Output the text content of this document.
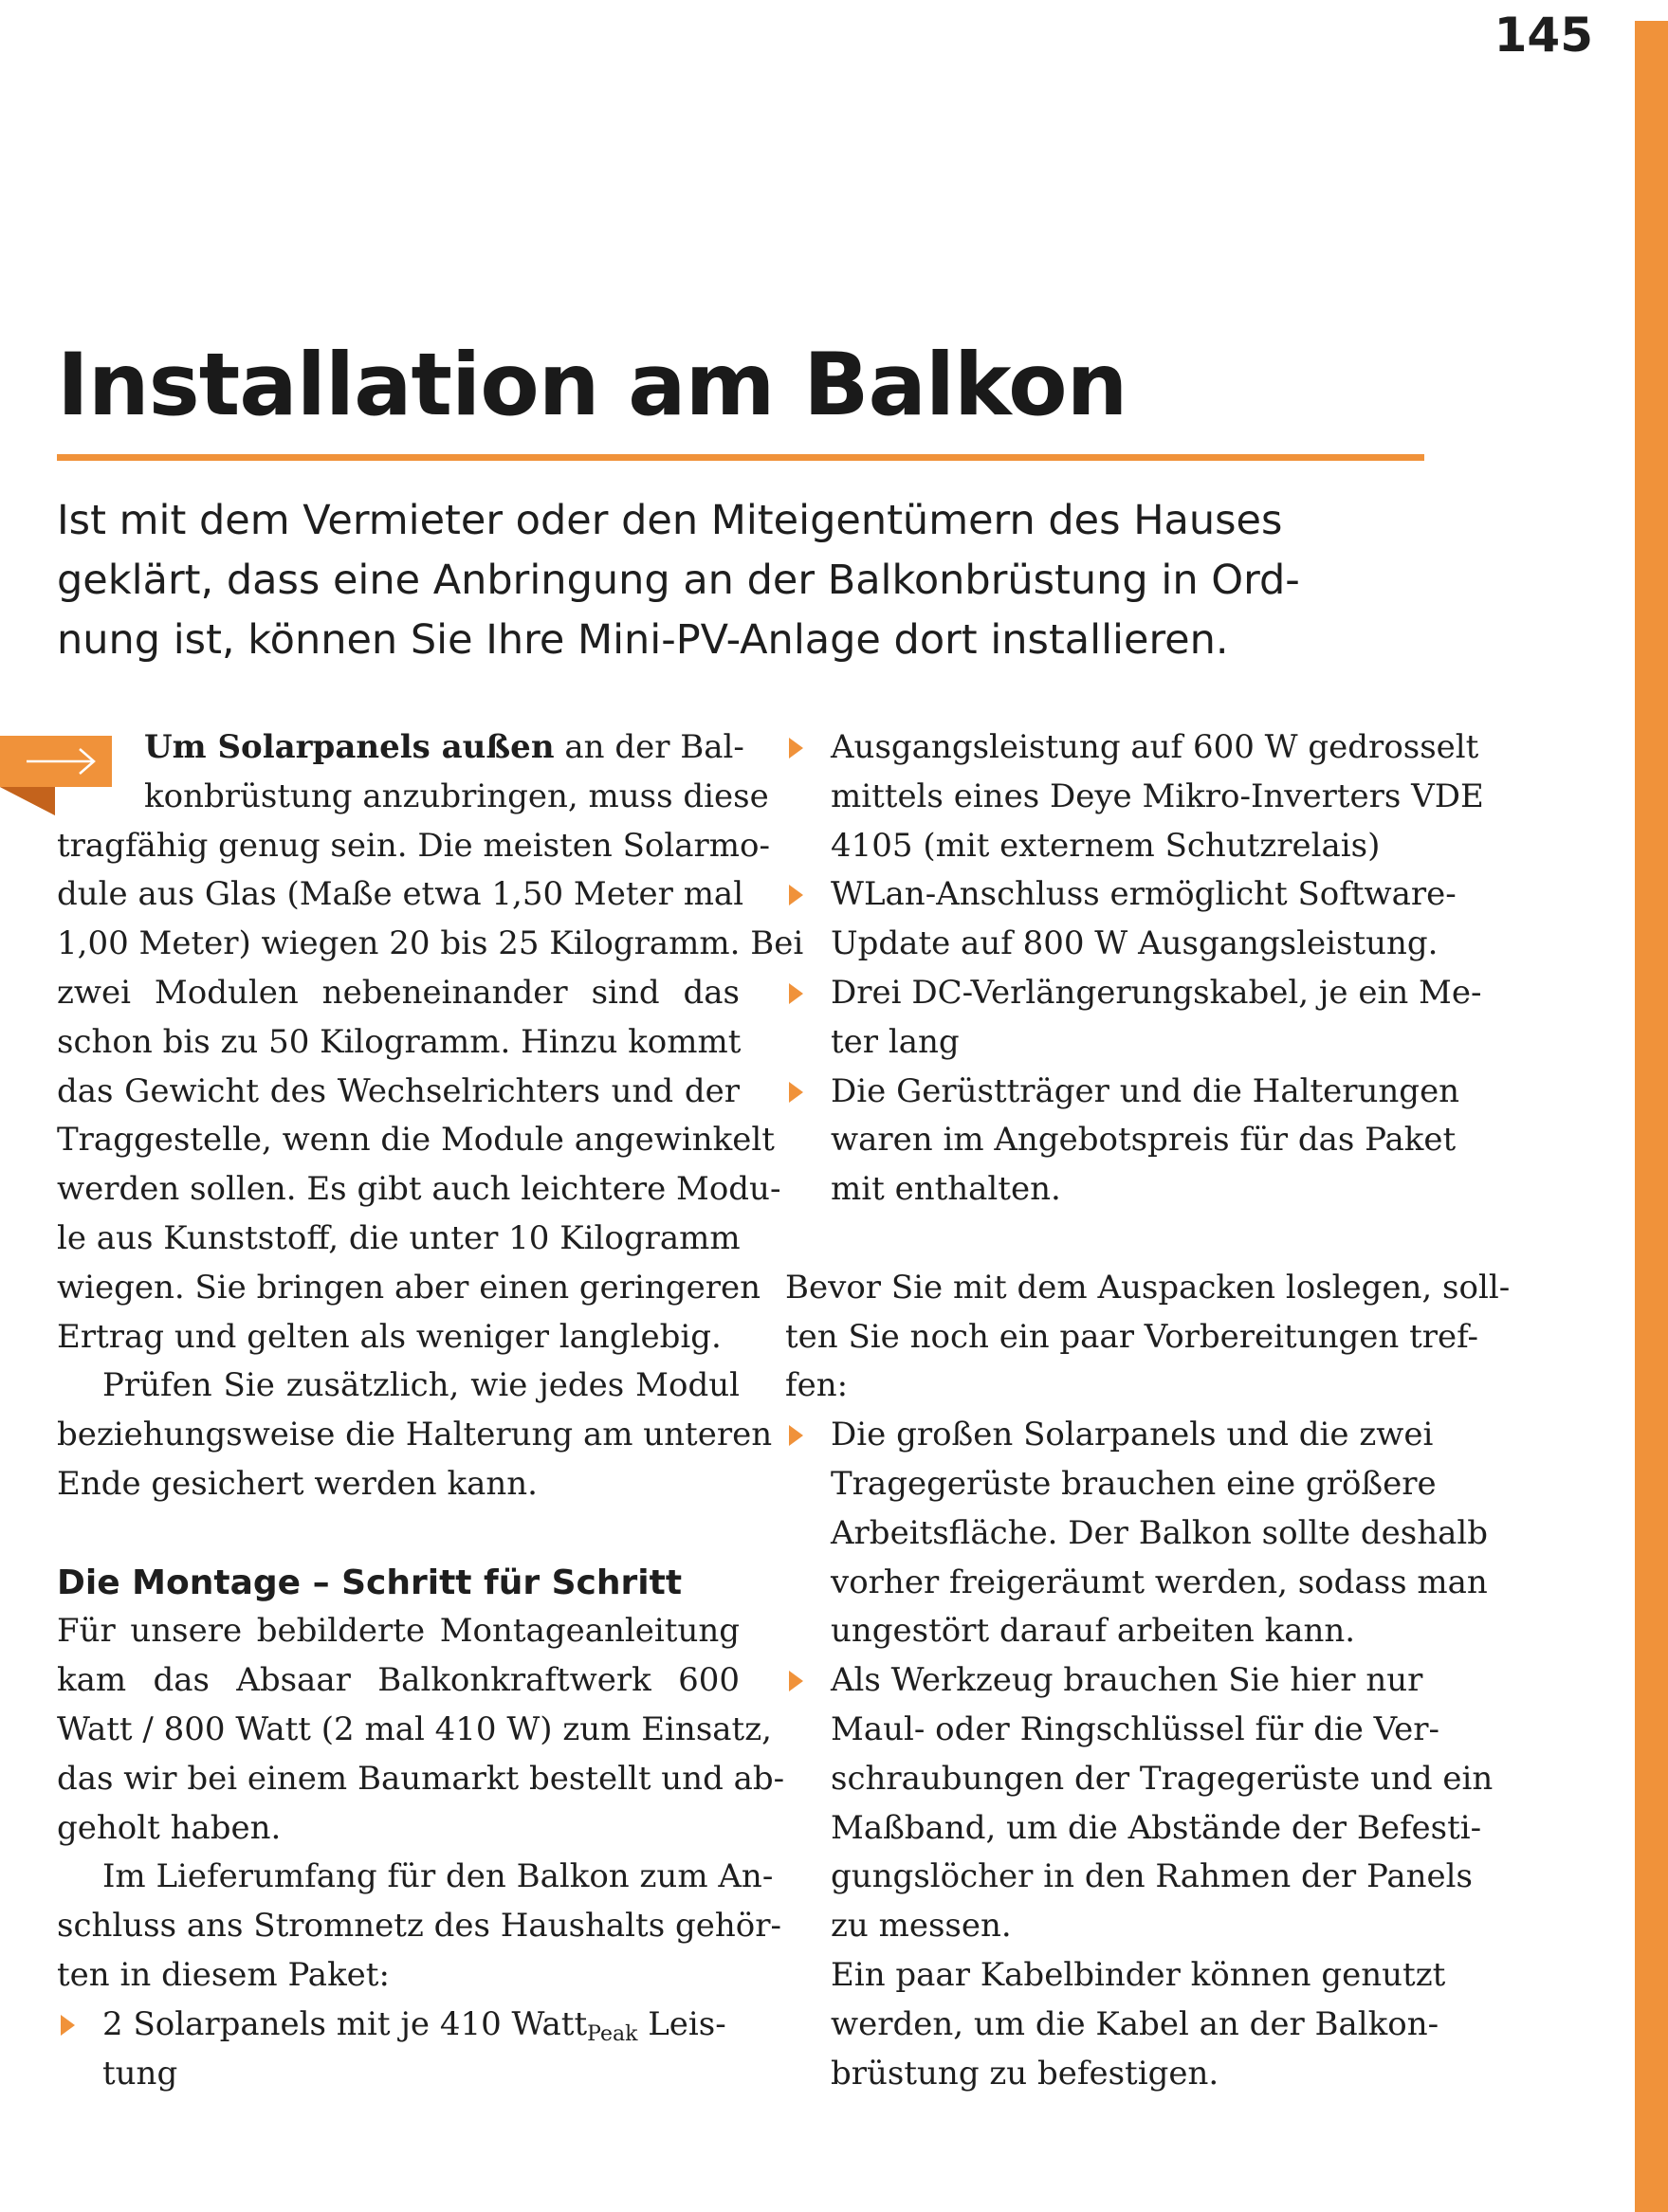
145
Installation am Balkon
Ist mit dem Vermieter oder den Miteigentümern des Hauses
geklärt, dass eine Anbringung an der Balkonbrüstung in Ord-
nung ist, können Sie Ihre Mini-PV-Anlage dort installieren.
Um Solarpanels außen an der Bal-
konbrüstung anzubringen, muss diese
tragfähig genug sein. Die meisten Solarmo-
dule aus Glas (Maße etwa 1,50 Meter mal
1,00 Meter) wiegen 20 bis 25 Kilogramm. Bei
zwei Modulen nebeneinander sind das
schon bis zu 50 Kilogramm. Hinzu kommt
das Gewicht des Wechselrichters und der
Traggestelle, wenn die Module angewinkelt
werden sollen. Es gibt auch leichtere Modu-
le aus Kunststoff, die unter 10 Kilogramm
wiegen. Sie bringen aber einen geringeren
Ertrag und gelten als weniger langlebig.
Prüfen Sie zusätzlich, wie jedes Modul
beziehungsweise die Halterung am unteren
Ende gesichert werden kann.
Die Montage – Schritt für Schritt
Für unsere bebilderte Montageanleitung
kam das Absaar Balkonkraftwerk 600
Watt / 800 Watt (2 mal 410 W) zum Einsatz,
das wir bei einem Baumarkt bestellt und ab-
geholt haben.
Im Lieferumfang für den Balkon zum An-
schluss ans Stromnetz des Haushalts gehör-
ten in diesem Paket:
2 Solarpanels mit je 410 Watt$_{Peak}$ Leis-
tung
Ausgangsleistung auf 600 W gedrosselt
mittels eines Deye Mikro-Inverters VDE
4105 (mit externem Schutzrelais)
WLan-Anschluss ermöglicht Software-
Update auf 800 W Ausgangsleistung.
Drei DC-Verlängerungskabel, je ein Me-
ter lang
Die Gerüstträger und die Halterungen
waren im Angebotspreis für das Paket
mit enthalten.
Bevor Sie mit dem Auspacken loslegen, soll-
ten Sie noch ein paar Vorbereitungen tref-
fen:
Die großen Solarpanels und die zwei
Tragegerüste brauchen eine größere
Arbeitsfläche. Der Balkon sollte deshalb
vorher freigeräumt werden, sodass man
ungestört darauf arbeiten kann.
Als Werkzeug brauchen Sie hier nur
Maul- oder Ringschlüssel für die Ver-
schraubungen der Tragegerüste und ein
Maßband, um die Abstände der Befesti-
gungslöcher in den Rahmen der Panels
zu messen.
Ein paar Kabelbinder können genutzt
werden, um die Kabel an der Balkon-
brüstung zu befestigen.
